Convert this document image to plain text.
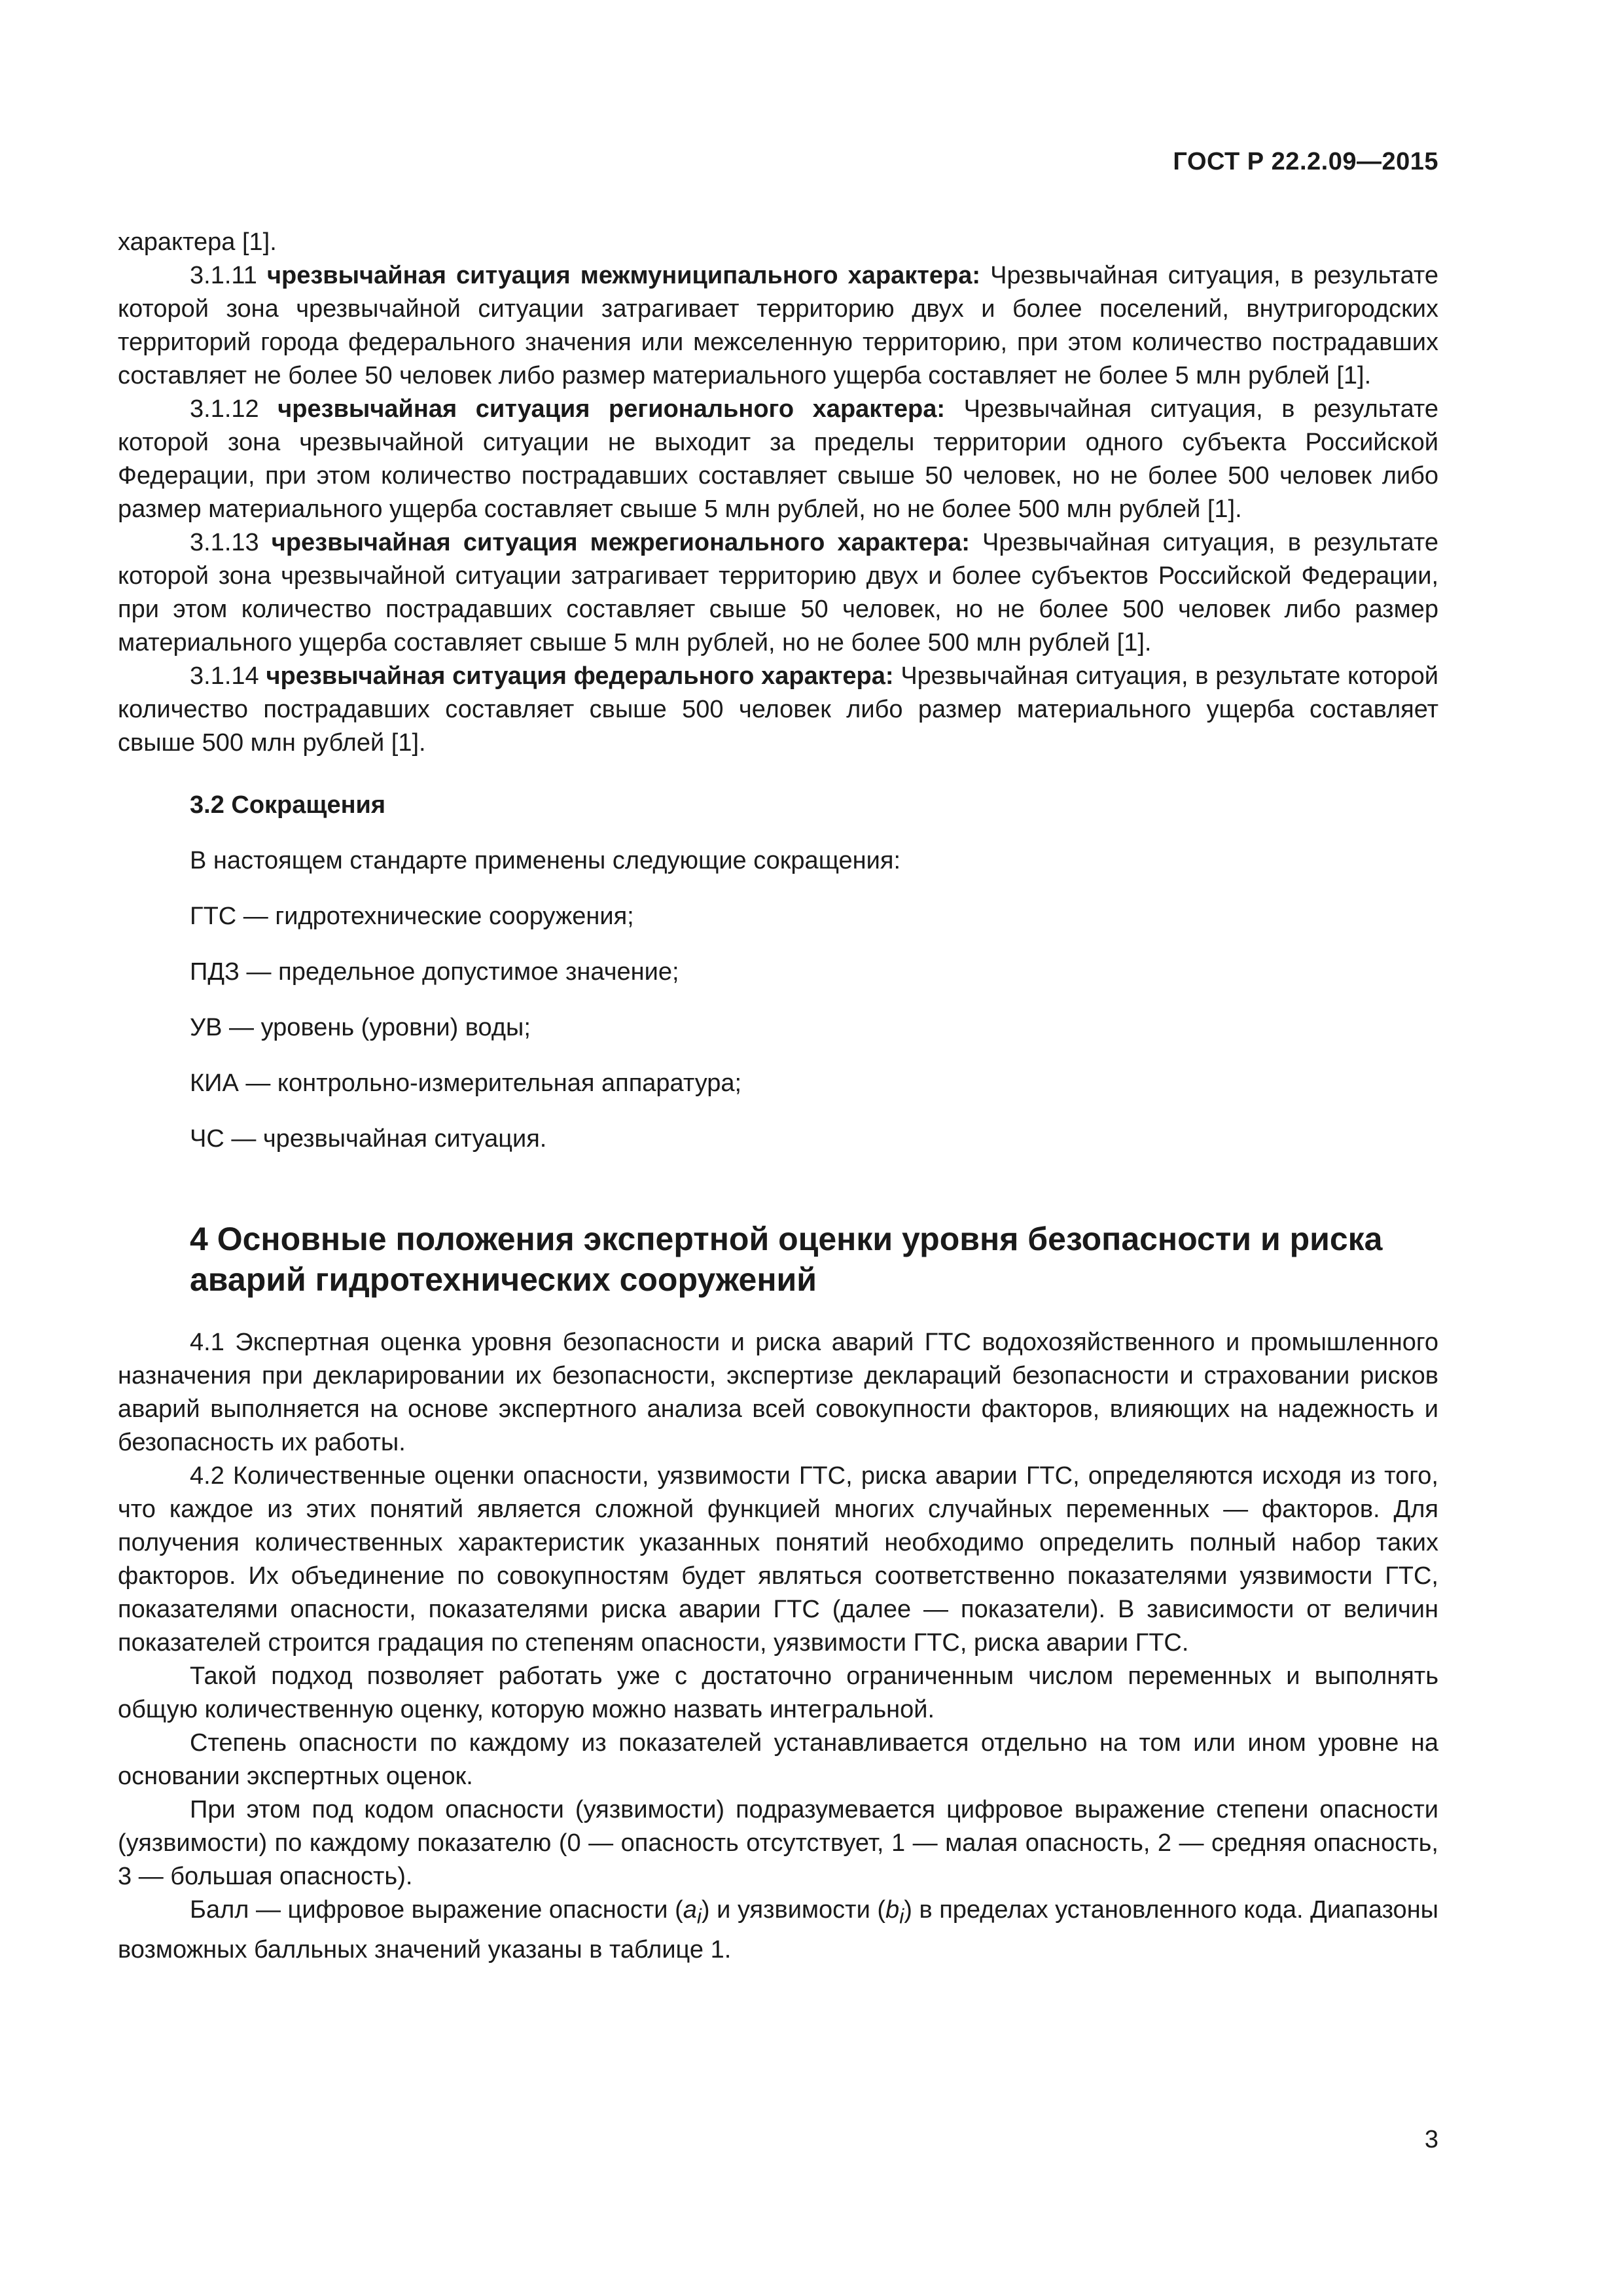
ГОСТ Р 22.2.09—2015

характера [1].

3.1.11 чрезвычайная ситуация межмуниципального характера: Чрезвычайная ситуация, в результате которой зона чрезвычайной ситуации затрагивает территорию двух и более поселений, внутригородских территорий города федерального значения или межселенную территорию, при этом количество пострадавших составляет не более 50 человек либо размер материального ущерба составляет не более 5 млн рублей [1].

3.1.12 чрезвычайная ситуация регионального характера: Чрезвычайная ситуация, в результате которой зона чрезвычайной ситуации не выходит за пределы территории одного субъекта Российской Федерации, при этом количество пострадавших составляет свыше 50 человек, но не более 500 человек либо размер материального ущерба составляет свыше 5 млн рублей, но не более 500 млн рублей [1].

3.1.13 чрезвычайная ситуация межрегионального характера: Чрезвычайная ситуация, в результате которой зона чрезвычайной ситуации затрагивает территорию двух и более субъектов Российской Федерации, при этом количество пострадавших составляет свыше 50 человек, но не более 500 человек либо размер материального ущерба составляет свыше 5 млн рублей, но не более 500 млн рублей [1].

3.1.14 чрезвычайная ситуация федерального характера: Чрезвычайная ситуация, в результате которой количество пострадавших составляет свыше 500 человек либо размер материального ущерба составляет свыше 500 млн рублей [1].

3.2 Сокращения
В настоящем стандарте применены следующие сокращения:
ГТС — гидротехнические сооружения;
ПДЗ — предельное допустимое значение;
УВ — уровень (уровни) воды;
КИА — контрольно-измерительная аппаратура;
ЧС — чрезвычайная ситуация.
4 Основные положения экспертной оценки уровня безопасности и риска аварий гидротехнических сооружений

4.1 Экспертная оценка уровня безопасности и риска аварий ГТС водохозяйственного и промышленного назначения при декларировании их безопасности, экспертизе деклараций безопасности и страховании рисков аварий выполняется на основе экспертного анализа всей совокупности факторов, влияющих на надежность и безопасность их работы.

4.2 Количественные оценки опасности, уязвимости ГТС, риска аварии ГТС, определяются исходя из того, что каждое из этих понятий является сложной функцией многих случайных переменных — факторов. Для получения количественных характеристик указанных понятий необходимо определить полный набор таких факторов. Их объединение по совокупностям будет являться соответственно показателями уязвимости ГТС, показателями опасности, показателями риска аварии ГТС (далее — показатели). В зависимости от величин показателей строится градация по степеням опасности, уязвимости ГТС, риска аварии ГТС.

Такой подход позволяет работать уже с достаточно ограниченным числом переменных и выполнять общую количественную оценку, которую можно назвать интегральной.

Степень опасности по каждому из показателей устанавливается отдельно на том или ином уровне на основании экспертных оценок.

При этом под кодом опасности (уязвимости) подразумевается цифровое выражение степени опасности (уязвимости) по каждому показателю (0 — опасность отсутствует, 1 — малая опасность, 2 — средняя опасность, 3 — большая опасность).

Балл — цифровое выражение опасности $(a_i)$ и уязвимости $(b_i)$ в пределах установленного кода. Диапазоны возможных балльных значений указаны в таблице 1.

3
